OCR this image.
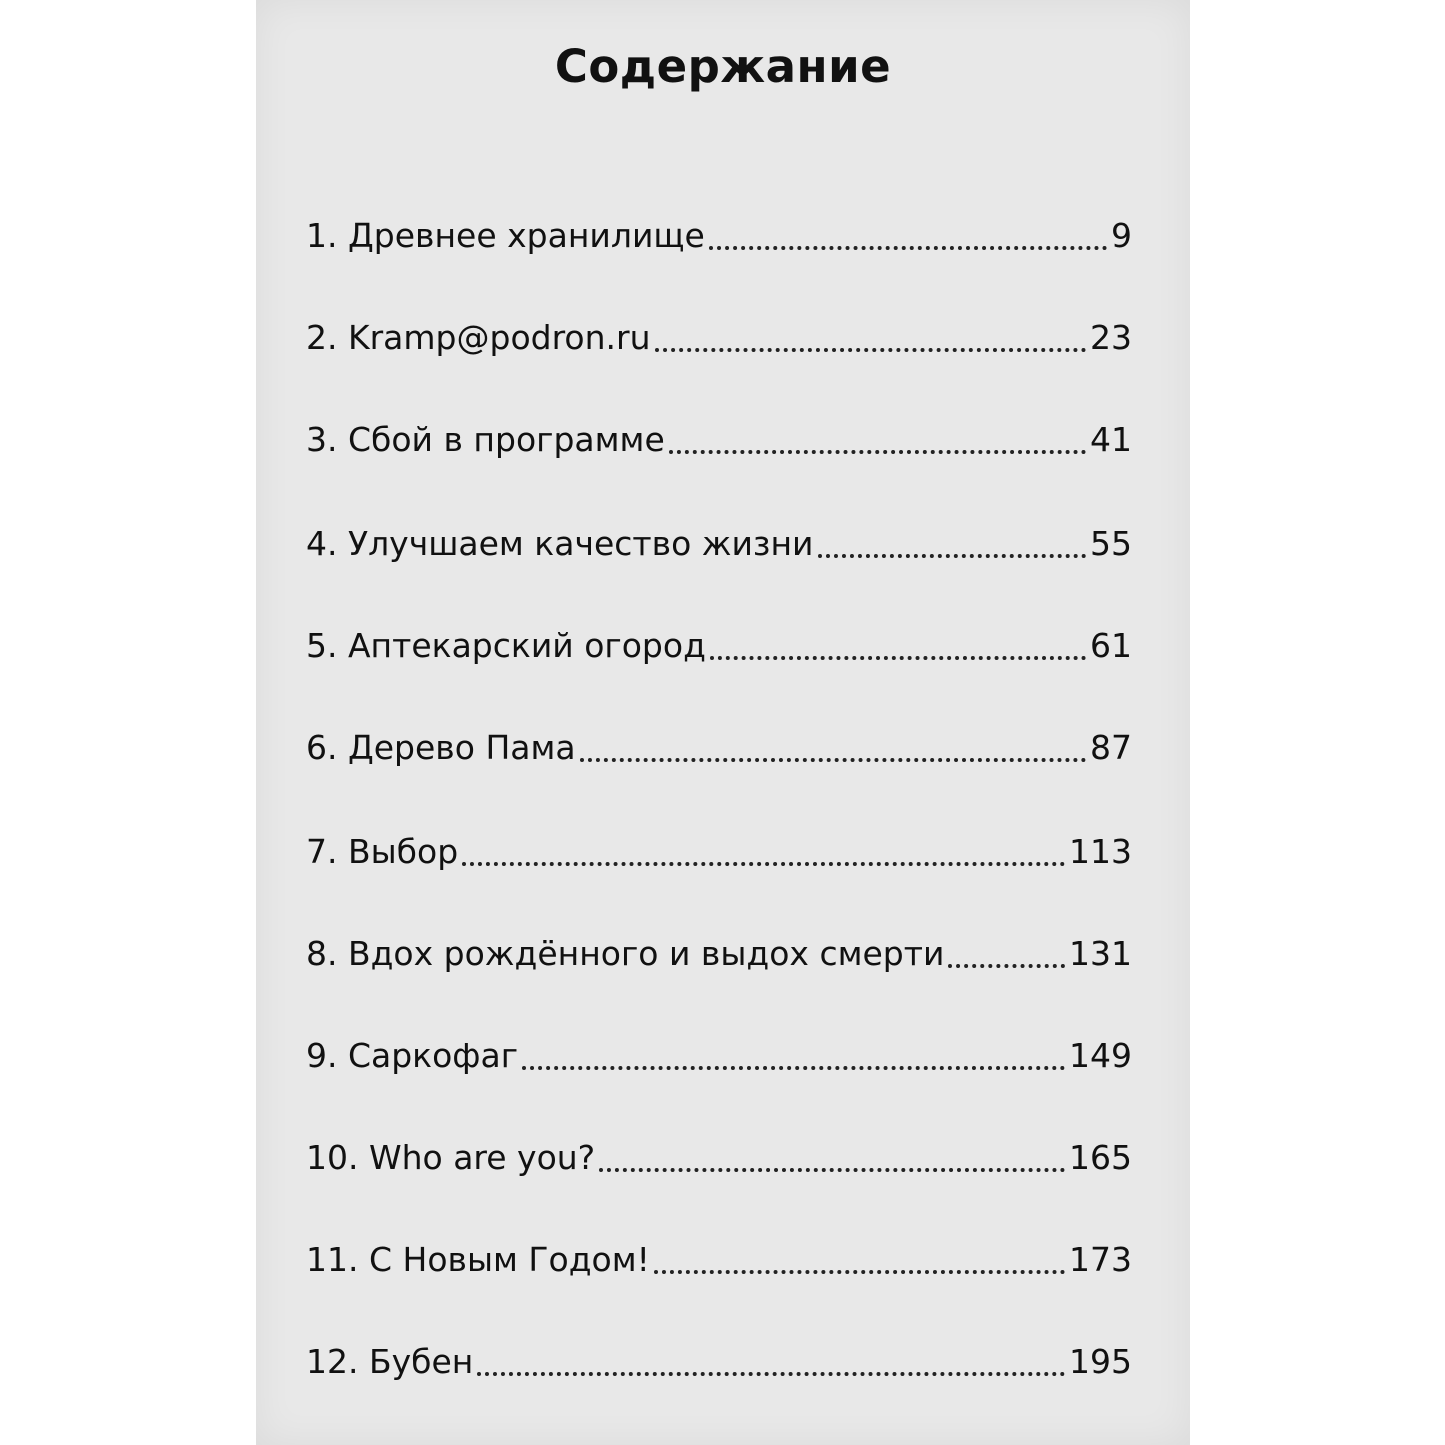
Содержание
1. Древнее хранилище	9
2. Kramp@podron.ru	23
3. Сбой в программе	41
4. Улучшаем качество жизни	55
5. Аптекарский огород	61
6. Дерево Пама	87
7. Выбор	113
8. Вдох рождённого и выдох смерти	131
9. Саркофаг	149
10. Who are you?	165
11. С Новым Годом!	173
12. Бубен	195
